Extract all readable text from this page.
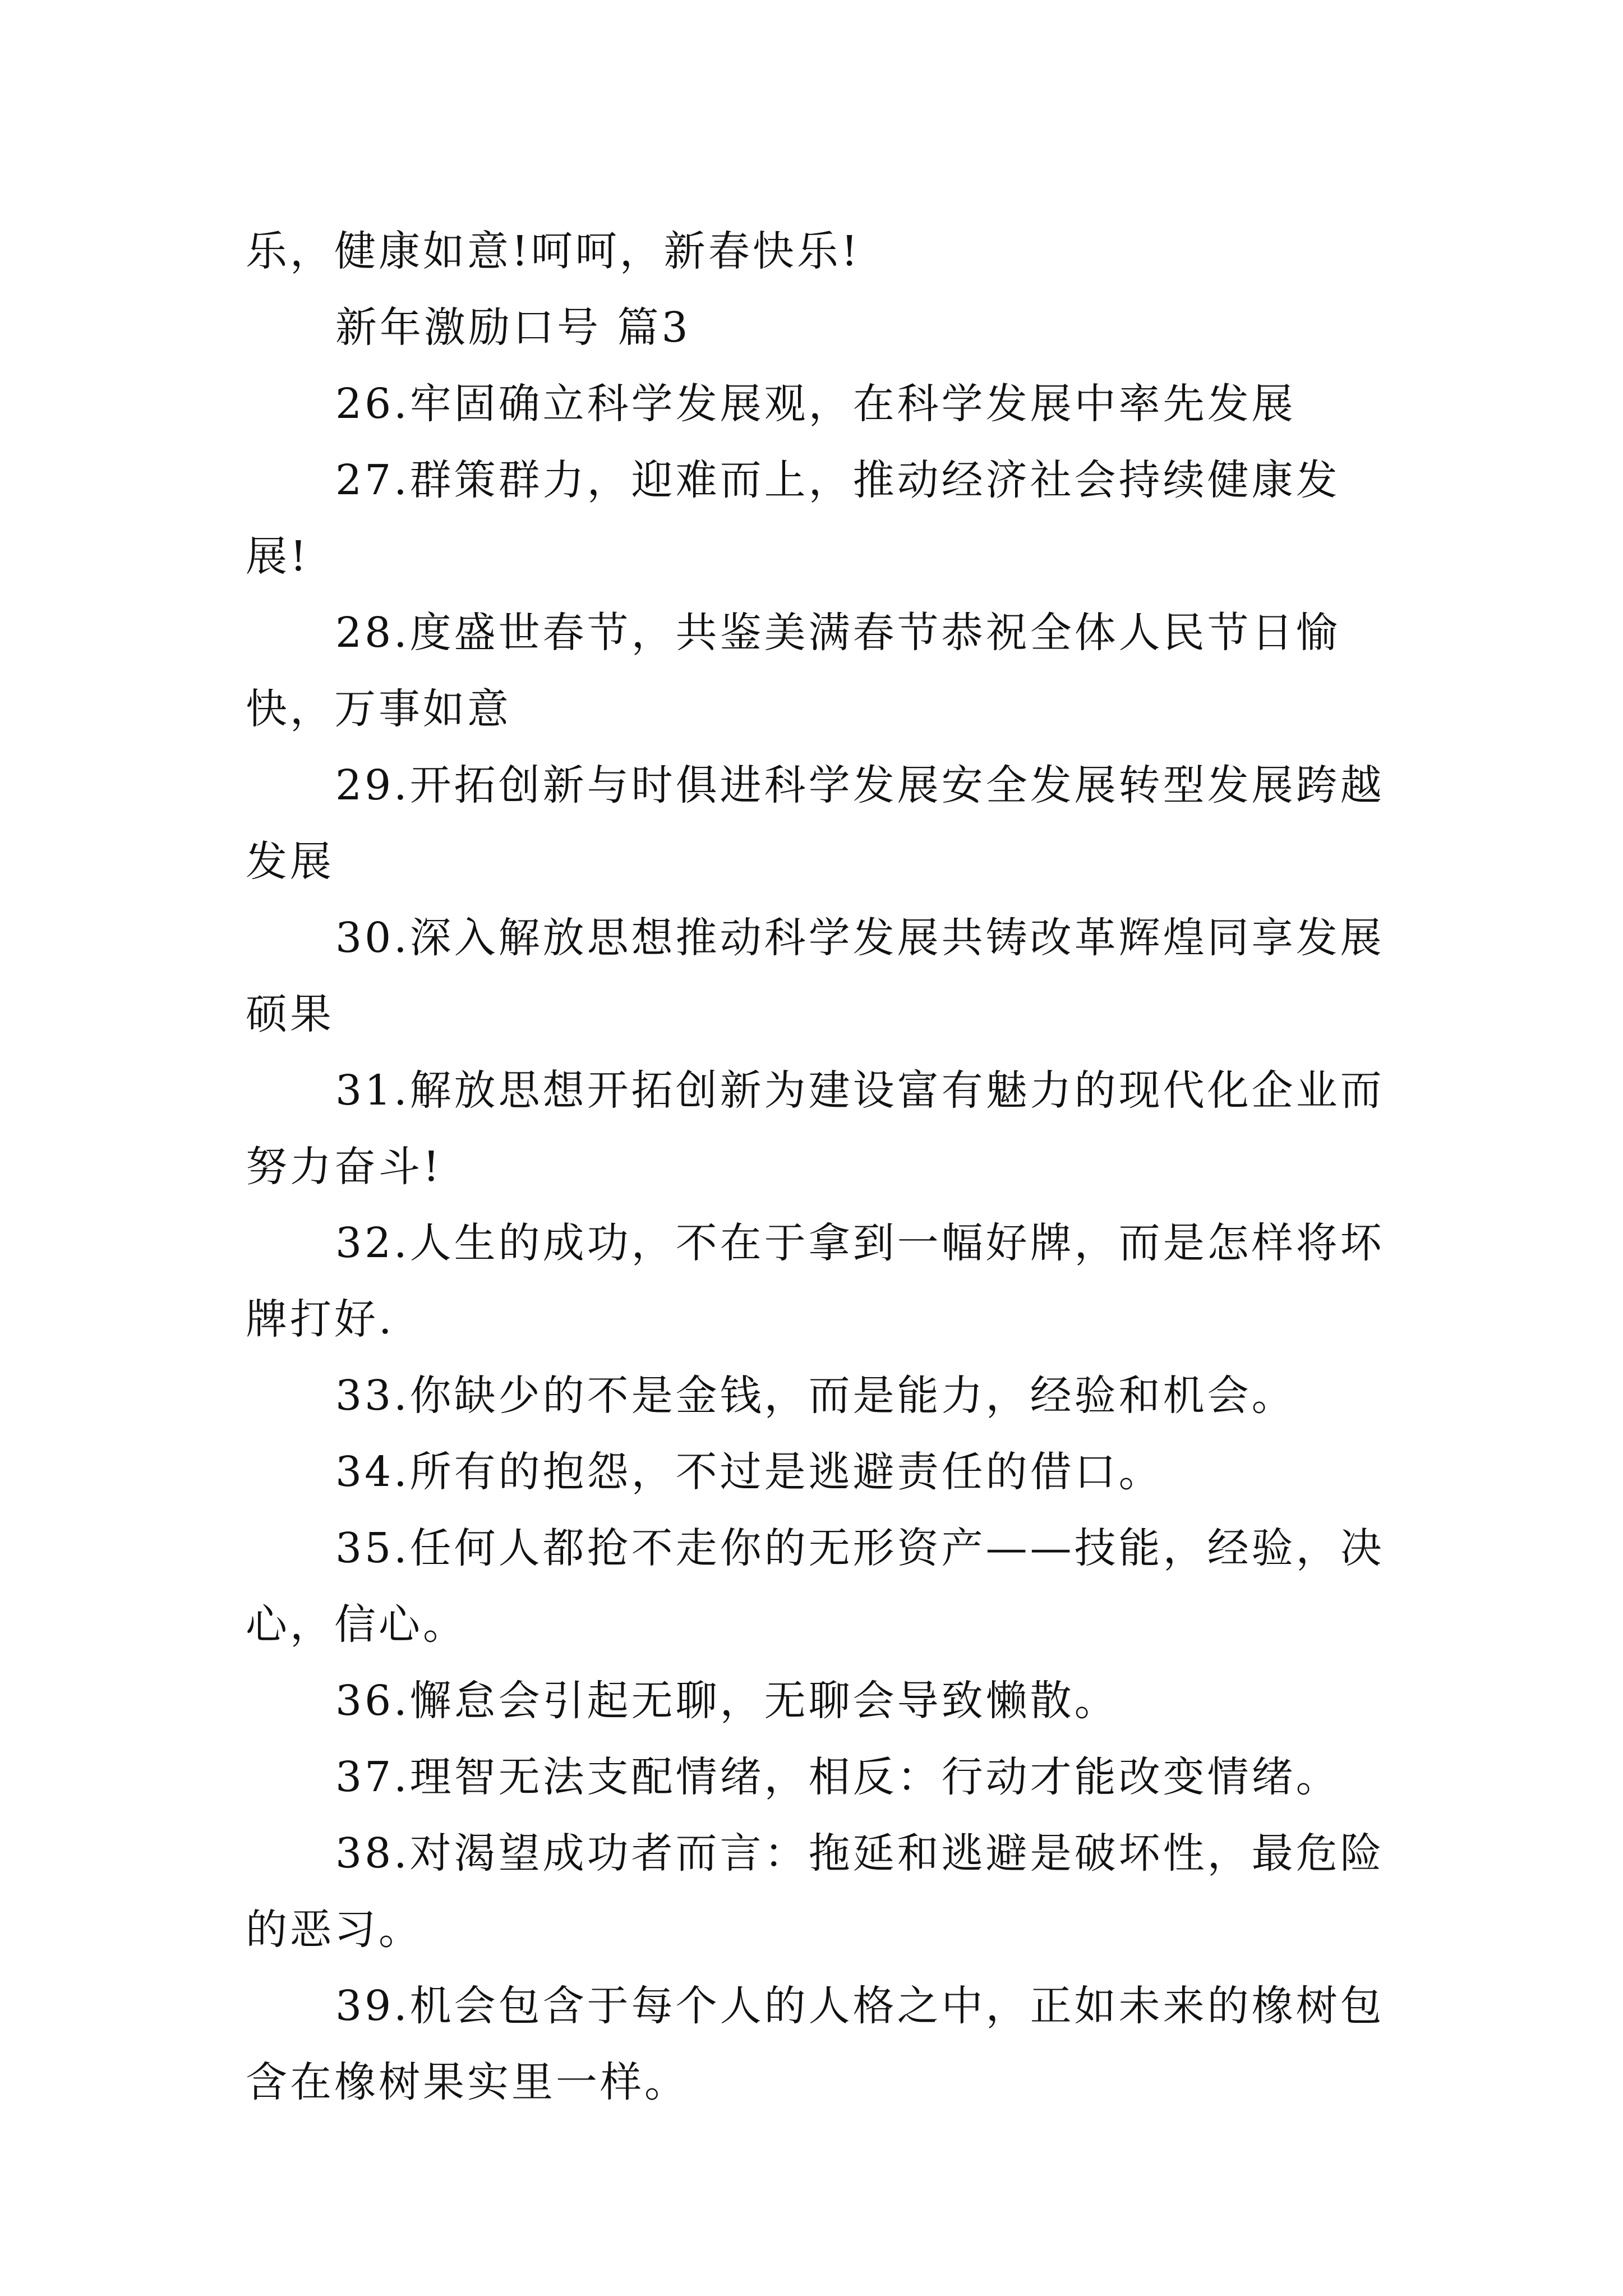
乐，健康如意!呵呵，新春快乐!

新年激励口号 篇3

26.牢固确立科学发展观，在科学发展中率先发展

27.群策群力，迎难而上，推动经济社会持续健康发展!

28.度盛世春节，共鉴美满春节恭祝全体人民节日愉快，万事如意

29.开拓创新与时俱进科学发展安全发展转型发展跨越发展

30.深入解放思想推动科学发展共铸改革辉煌同享发展硕果

31.解放思想开拓创新为建设富有魅力的现代化企业而努力奋斗!

32.人生的成功，不在于拿到一幅好牌，而是怎样将坏牌打好.

33.你缺少的不是金钱，而是能力，经验和机会。

34.所有的抱怨，不过是逃避责任的借口。

35.任何人都抢不走你的无形资产——技能，经验，决心，信心。

36.懈怠会引起无聊，无聊会导致懒散。

37.理智无法支配情绪，相反：行动才能改变情绪。

38.对渴望成功者而言：拖延和逃避是破坏性，最危险的恶习。

39.机会包含于每个人的人格之中，正如未来的橡树包含在橡树果实里一样。
